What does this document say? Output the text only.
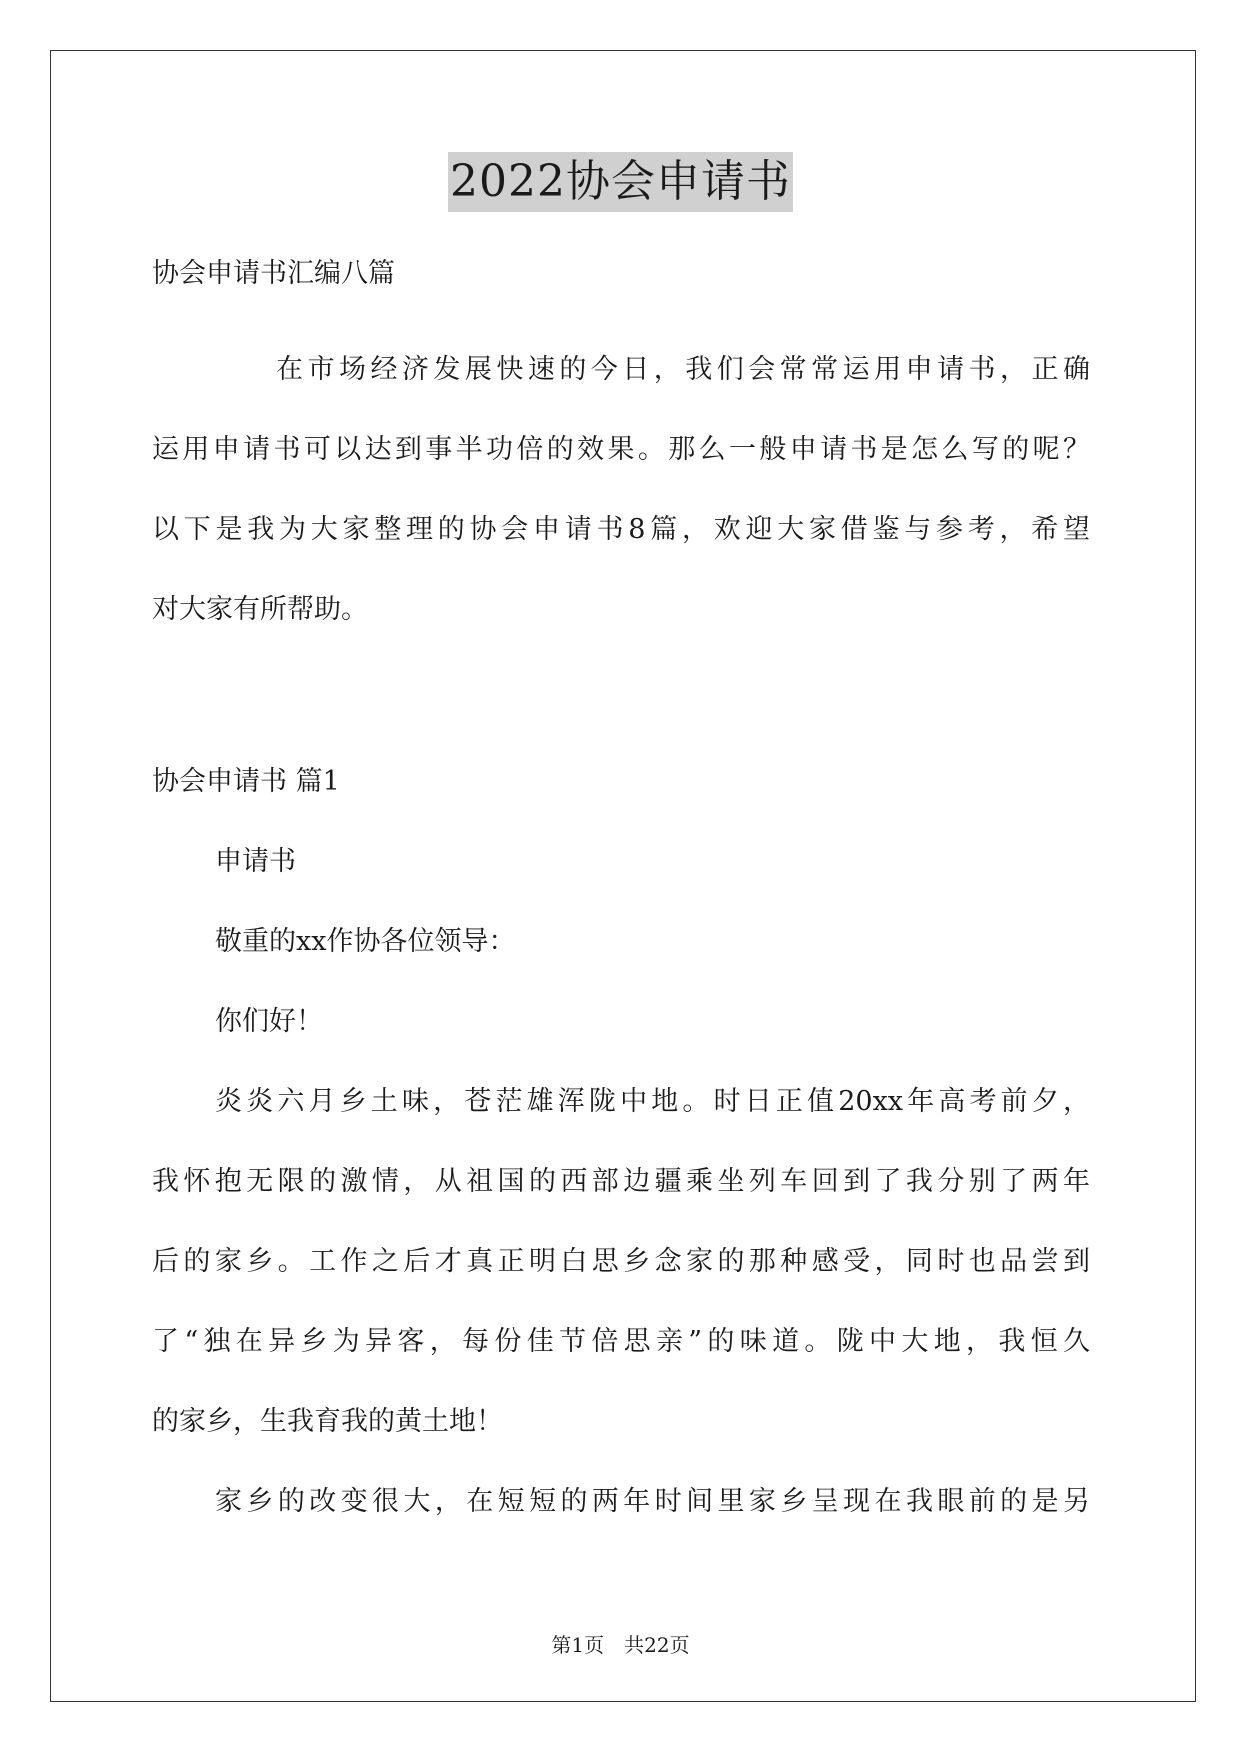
2022协会申请书
协会申请书汇编八篇
在市场经济发展快速的今日，我们会常常运用申请书，正确
运用申请书可以达到事半功倍的效果。那么一般申请书是怎么写的呢？
以下是我为大家整理的协会申请书8篇，欢迎大家借鉴与参考，希望
对大家有所帮助。
协会申请书 篇1
申请书
敬重的xx作协各位领导：
你们好！
炎炎六月乡土味，苍茫雄浑陇中地。时日正值20xx年高考前夕，
我怀抱无限的激情，从祖国的西部边疆乘坐列车回到了我分别了两年
后的家乡。工作之后才真正明白思乡念家的那种感受，同时也品尝到
了“独在异乡为异客，每份佳节倍思亲”的味道。陇中大地，我恒久
的家乡，生我育我的黄土地！
家乡的改变很大，在短短的两年时间里家乡呈现在我眼前的是另
第1页　共22页
